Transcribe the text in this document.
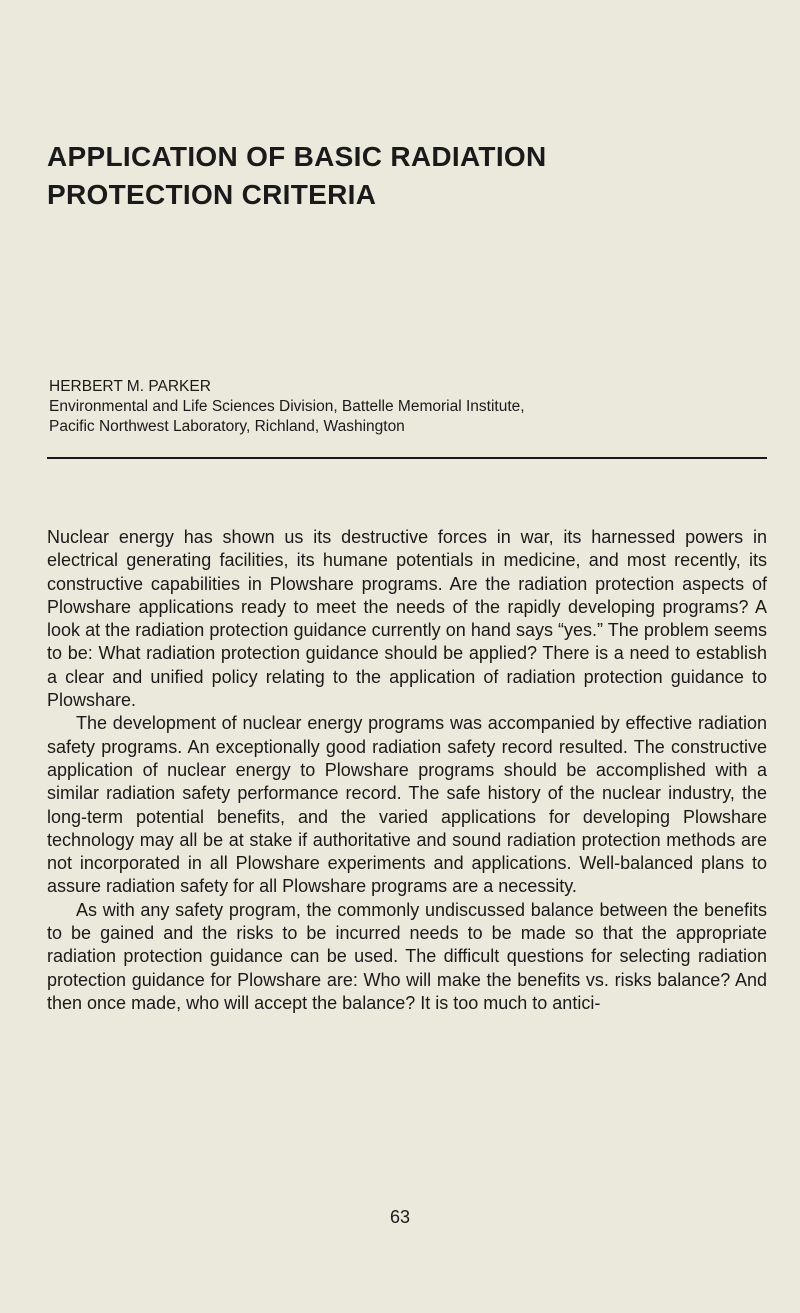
APPLICATION OF BASIC RADIATION
PROTECTION CRITERIA
HERBERT M. PARKER
Environmental and Life Sciences Division, Battelle Memorial Institute,
Pacific Northwest Laboratory, Richland, Washington

Nuclear energy has shown us its destructive forces in war, its harnessed powers in electrical generating facilities, its humane potentials in medicine, and most recently, its constructive capabilities in Plowshare programs. Are the radiation protection aspects of Plowshare applications ready to meet the needs of the rapidly developing programs? A look at the radiation protection guidance currently on hand says “yes.” The problem seems to be: What radiation protection guidance should be applied? There is a need to establish a clear and unified policy relating to the application of radiation protection guidance to Plowshare.

The development of nuclear energy programs was accompanied by effective radiation safety programs. An exceptionally good radiation safety record resulted. The constructive application of nuclear energy to Plowshare programs should be accomplished with a similar radiation safety performance record. The safe history of the nuclear industry, the long-term potential benefits, and the varied applications for developing Plowshare technology may all be at stake if authoritative and sound radiation protection methods are not incorporated in all Plowshare experiments and applications. Well-balanced plans to assure radiation safety for all Plowshare programs are a necessity.

As with any safety program, the commonly undiscussed balance between the benefits to be gained and the risks to be incurred needs to be made so that the appropriate radiation protection guidance can be used. The difficult questions for selecting radiation protection guidance for Plowshare are: Who will make the benefits vs. risks balance? And then once made, who will accept the balance? It is too much to antici-

63
